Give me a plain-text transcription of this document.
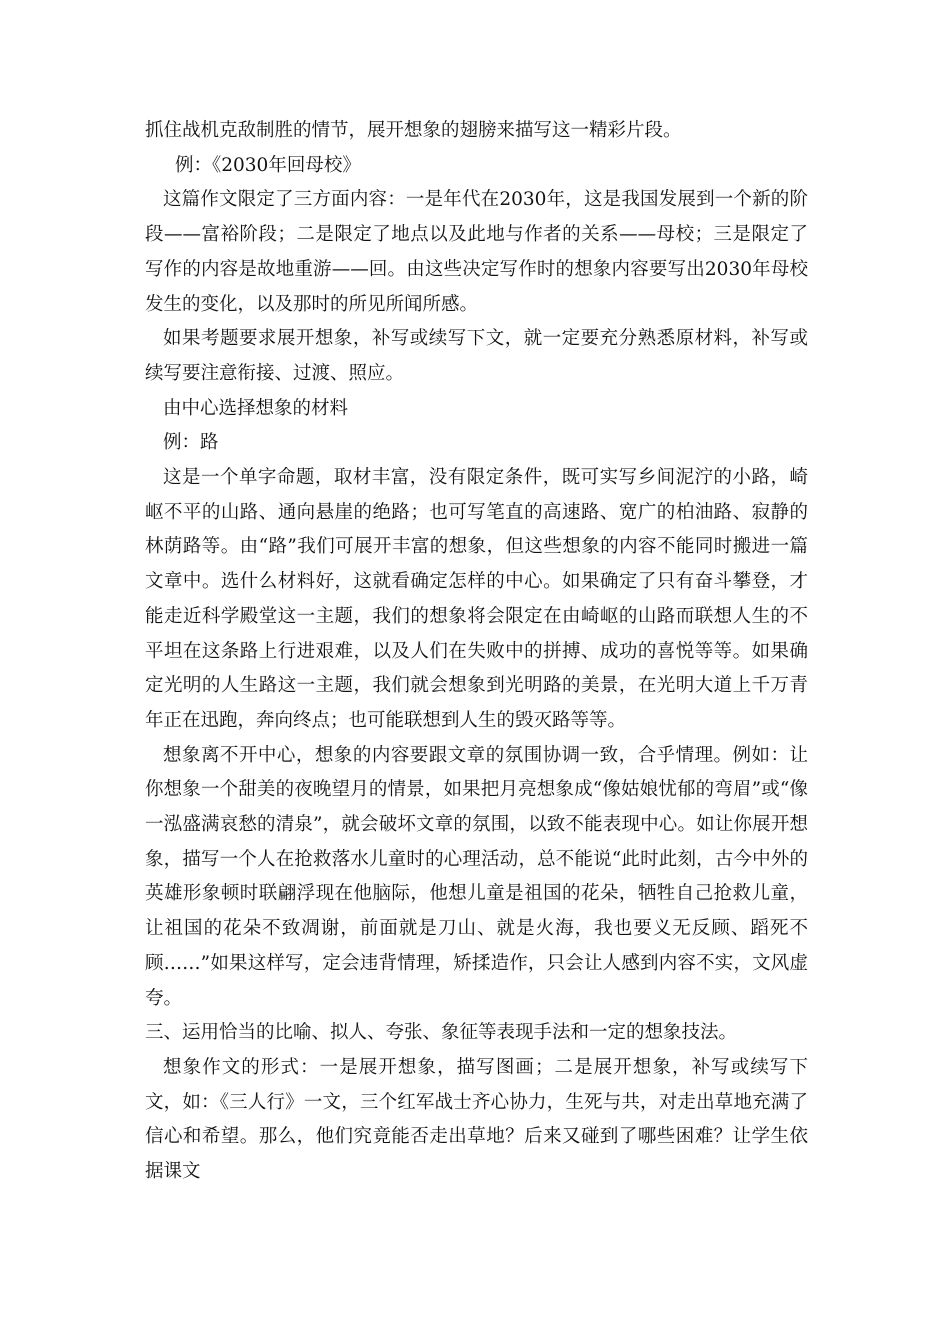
抓住战机克敌制胜的情节，展开想象的翅膀来描写这一精彩片段。

例：《2030年回母校》

这篇作文限定了三方面内容：一是年代在2030年，这是我国发展到一个新的阶段——富裕阶段；二是限定了地点以及此地与作者的关系——母校；三是限定了写作的内容是故地重游——回。由这些决定写作时的想象内容要写出2030年母校发生的变化，以及那时的所见所闻所感。

如果考题要求展开想象，补写或续写下文，就一定要充分熟悉原材料，补写或续写要注意衔接、过渡、照应。

由中心选择想象的材料

例：路

这是一个单字命题，取材丰富，没有限定条件，既可实写乡间泥泞的小路，崎岖不平的山路、通向悬崖的绝路；也可写笔直的高速路、宽广的柏油路、寂静的林荫路等。由“路”我们可展开丰富的想象，但这些想象的内容不能同时搬进一篇文章中。选什么材料好，这就看确定怎样的中心。如果确定了只有奋斗攀登，才能走近科学殿堂这一主题，我们的想象将会限定在由崎岖的山路而联想人生的不平坦在这条路上行进艰难，以及人们在失败中的拼搏、成功的喜悦等等。如果确定光明的人生路这一主题，我们就会想象到光明路的美景，在光明大道上千万青年正在迅跑，奔向终点；也可能联想到人生的毁灭路等等。

想象离不开中心，想象的内容要跟文章的氛围协调一致，合乎情理。例如：让你想象一个甜美的夜晚望月的情景，如果把月亮想象成“像姑娘忧郁的弯眉”或“像一泓盛满哀愁的清泉”，就会破坏文章的氛围，以致不能表现中心。如让你展开想象，描写一个人在抢救落水儿童时的心理活动，总不能说“此时此刻，古今中外的英雄形象顿时联翩浮现在他脑际，他想儿童是祖国的花朵，牺牲自己抢救儿童，让祖国的花朵不致凋谢，前面就是刀山、就是火海，我也要义无反顾、蹈死不顾……”如果这样写，定会违背情理，矫揉造作，只会让人感到内容不实，文风虚夸。

三、运用恰当的比喻、拟人、夸张、象征等表现手法和一定的想象技法。

想象作文的形式：一是展开想象，描写图画；二是展开想象，补写或续写下文，如：《三人行》一文，三个红军战士齐心协力，生死与共，对走出草地充满了信心和希望。那么，他们究竟能否走出草地？后来又碰到了哪些困难？让学生依据课文
